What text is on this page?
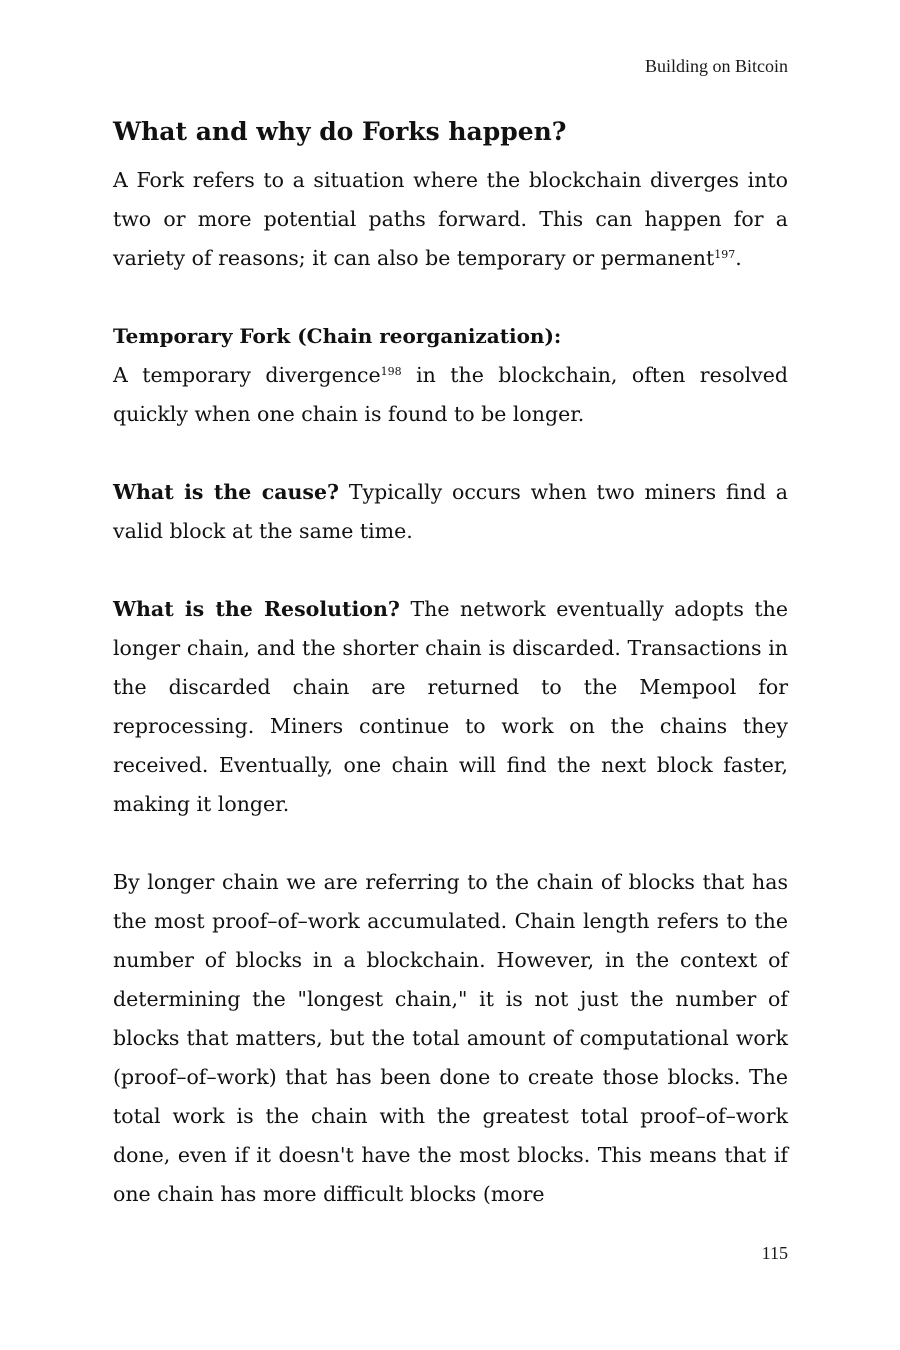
Building on Bitcoin
What and why do Forks happen?

A Fork refers to a situation where the blockchain diverges into two or more potential paths forward. This can happen for a variety of reasons; it can also be temporary or permanent$^{197}$.

Temporary Fork (Chain reorganization):

A temporary divergence$^{198}$ in the blockchain, often resolved quickly when one chain is found to be longer.

What is the cause? Typically occurs when two miners find a valid block at the same time.

What is the Resolution? The network eventually adopts the longer chain, and the shorter chain is discarded. Transactions in the discarded chain are returned to the Mempool for reprocessing. Miners continue to work on the chains they received. Eventually, one chain will find the next block faster, making it longer.

By longer chain we are referring to the chain of blocks that has the most proof–of–work accumulated. Chain length refers to the number of blocks in a blockchain. However, in the context of determining the "longest chain," it is not just the number of blocks that matters, but the total amount of computational work (proof–of–work) that has been done to create those blocks. The total work is the chain with the greatest total proof–of–work done, even if it doesn't have the most blocks. This means that if one chain has more difficult blocks (more

115
